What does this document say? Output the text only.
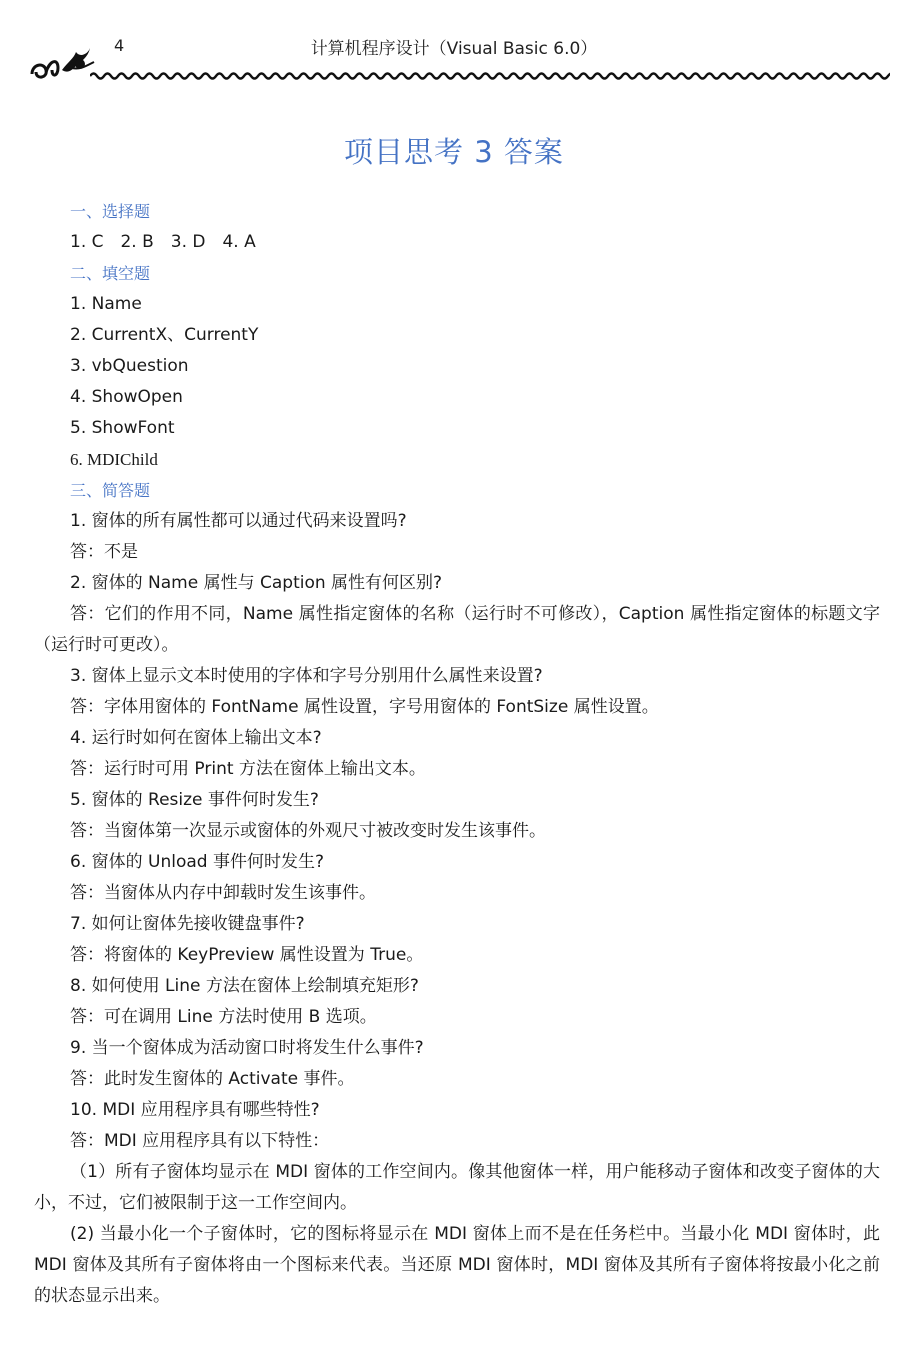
4	计算机程序设计（Visual Basic 6.0）
项目思考 3 答案
一、选择题
1. C　2. B　3. D　4. A
二、填空题
1. Name
2. CurrentX、CurrentY
3. vbQuestion
4. ShowOpen
5. ShowFont
6. MDIChild
三、简答题
1. 窗体的所有属性都可以通过代码来设置吗?
答：不是
2. 窗体的 Name 属性与 Caption 属性有何区别?

答：它们的作用不同，Name 属性指定窗体的名称（运行时不可修改），Caption 属性指定窗体的标题文字（运行时可更改）。

3. 窗体上显示文本时使用的字体和字号分别用什么属性来设置?
答：字体用窗体的 FontName 属性设置，字号用窗体的 FontSize 属性设置。
4. 运行时如何在窗体上输出文本?
答：运行时可用 Print 方法在窗体上输出文本。
5. 窗体的 Resize 事件何时发生?
答：当窗体第一次显示或窗体的外观尺寸被改变时发生该事件。
6. 窗体的 Unload 事件何时发生?
答：当窗体从内存中卸载时发生该事件。
7. 如何让窗体先接收键盘事件?
答：将窗体的 KeyPreview 属性设置为 True。
8. 如何使用 Line 方法在窗体上绘制填充矩形?
答：可在调用 Line 方法时使用 B 选项。
9. 当一个窗体成为活动窗口时将发生什么事件?
答：此时发生窗体的 Activate 事件。
10. MDI 应用程序具有哪些特性?
答：MDI 应用程序具有以下特性：

（1）所有子窗体均显示在 MDI 窗体的工作空间内。像其他窗体一样，用户能移动子窗体和改变子窗体的大小，不过，它们被限制于这一工作空间内。

(2) 当最小化一个子窗体时，它的图标将显示在 MDI 窗体上而不是在任务栏中。当最小化 MDI 窗体时，此 MDI 窗体及其所有子窗体将由一个图标来代表。当还原 MDI 窗体时，MDI 窗体及其所有子窗体将按最小化之前的状态显示出来。
